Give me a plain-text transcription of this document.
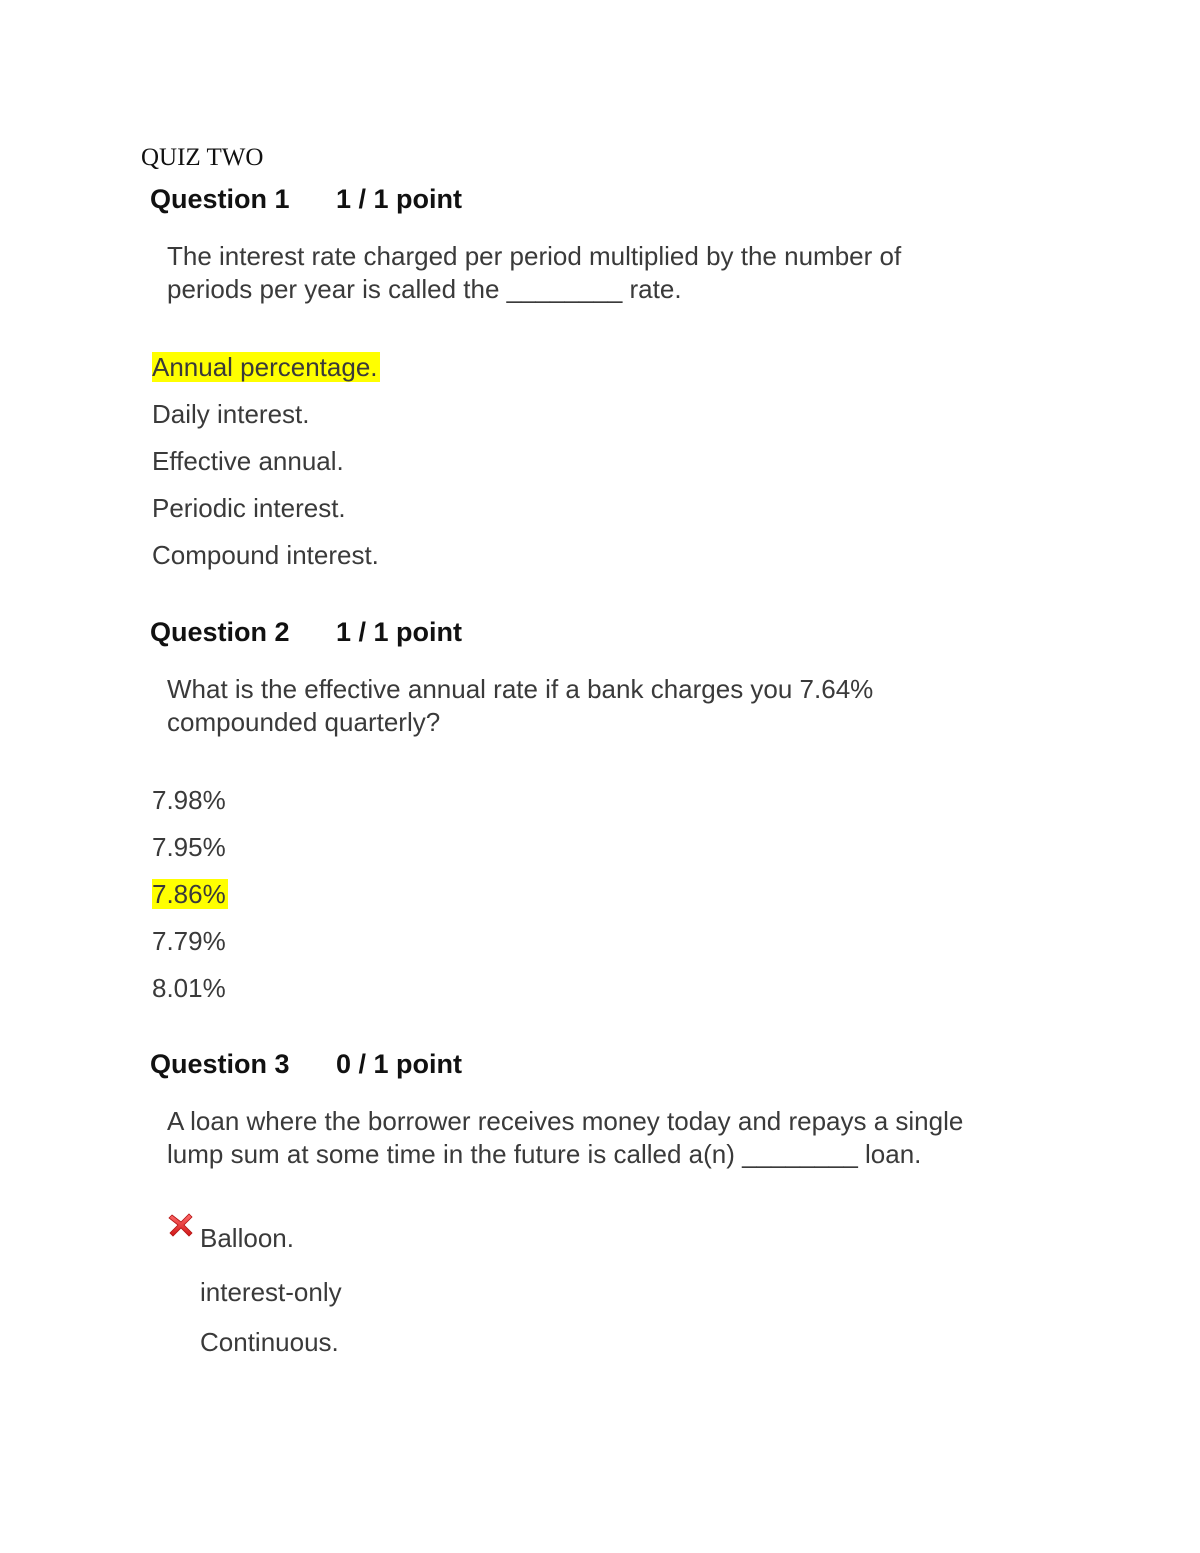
QUIZ TWO
Question 1 1 / 1 point
The interest rate charged per period multiplied by the number of
periods per year is called the ________ rate.
Annual percentage.
Daily interest.
Effective annual.
Periodic interest.
Compound interest.
Question 2 1 / 1 point
What is the effective annual rate if a bank charges you 7.64%
compounded quarterly?
7.98%
7.95%
7.86%
7.79%
8.01%
Question 3 0 / 1 point
A loan where the borrower receives money today and repays a single
lump sum at some time in the future is called a(n) ________ loan.
Balloon.
interest-only
Continuous.
